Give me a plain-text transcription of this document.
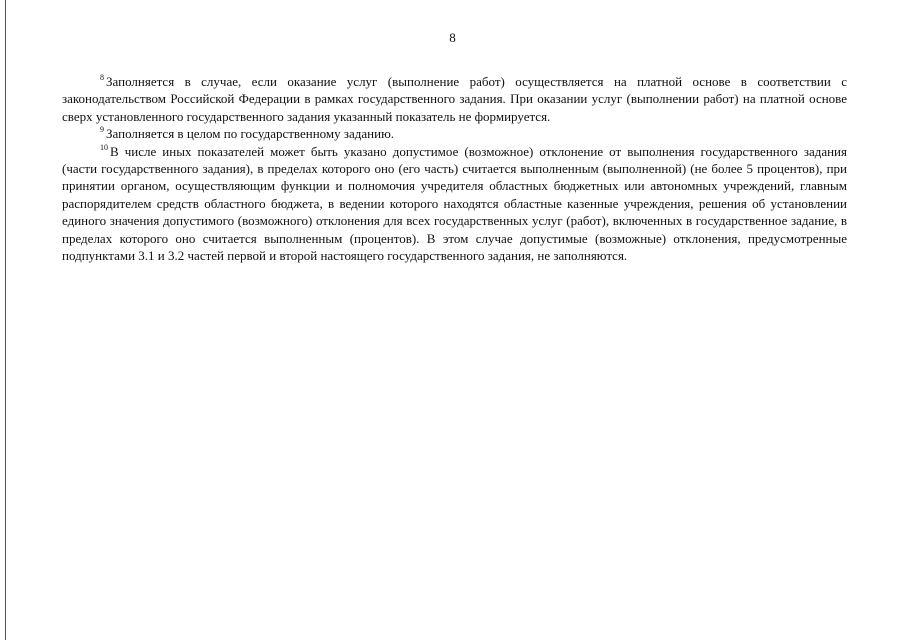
8

$^8$ Заполняется в случае, если оказание услуг (выполнение работ) осуществляется на платной основе в соответствии с законодательством Российской Федерации в рамках государственного задания. При оказании услуг (выполнении работ) на платной основе сверх установленного государственного задания указанный показатель не формируется.

$^9$ Заполняется в целом по государственному заданию.

$^{10}$ В числе иных показателей может быть указано допустимое (возможное) отклонение от выполнения государственного задания (части государственного задания), в пределах которого оно (его часть) считается выполненным (выполненной) (не более 5 процентов), при принятии органом, осуществляющим функции и полномочия учредителя областных бюджетных или автономных учреждений, главным распорядителем средств областного бюджета, в ведении которого находятся областные казенные учреждения, решения об установлении единого значения допустимого (возможного) отклонения для всех государственных услуг (работ), включенных в государственное задание, в пределах которого оно считается выполненным (процентов). В этом случае допустимые (возможные) отклонения, предусмотренные подпунктами 3.1 и 3.2 частей первой и второй настоящего государственного задания, не заполняются.
